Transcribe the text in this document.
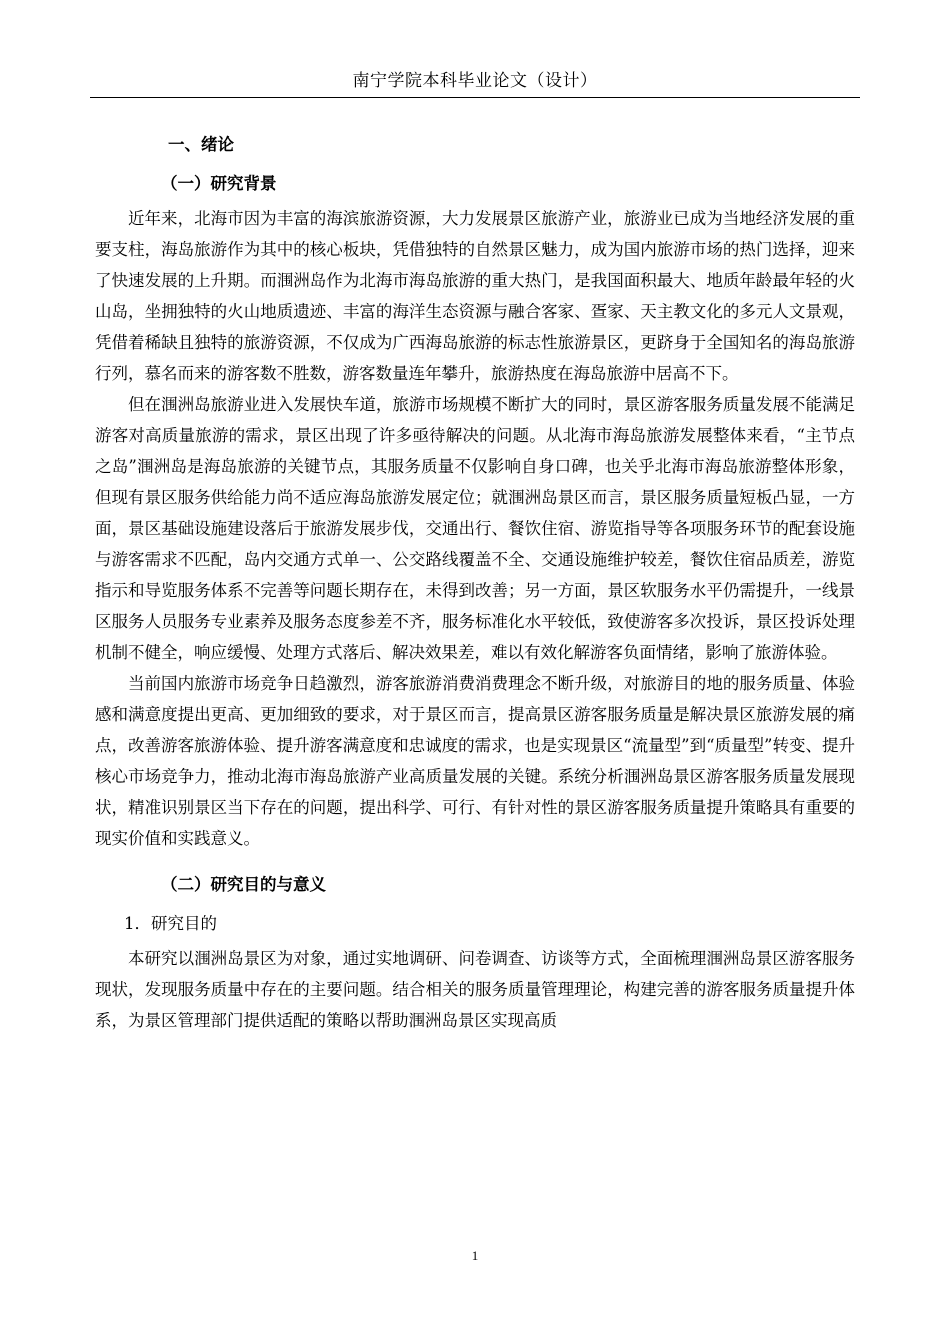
南宁学院本科毕业论文（设计）
一、绪论
（一）研究背景

近年来，北海市因为丰富的海滨旅游资源，大力发展景区旅游产业，旅游业已成为当地经济发展的重要支柱，海岛旅游作为其中的核心板块，凭借独特的自然景区魅力，成为国内旅游市场的热门选择，迎来了快速发展的上升期。而涠洲岛作为北海市海岛旅游的重大热门，是我国面积最大、地质年龄最年轻的火山岛，坐拥独特的火山地质遗迹、丰富的海洋生态资源与融合客家、疍家、天主教文化的多元人文景观，凭借着稀缺且独特的旅游资源，不仅成为广西海岛旅游的标志性旅游景区，更跻身于全国知名的海岛旅游行列，慕名而来的游客数不胜数，游客数量连年攀升，旅游热度在海岛旅游中居高不下。

但在涠洲岛旅游业进入发展快车道，旅游市场规模不断扩大的同时，景区游客服务质量发展不能满足游客对高质量旅游的需求，景区出现了许多亟待解决的问题。从北海市海岛旅游发展整体来看，“主节点之岛”涠洲岛是海岛旅游的关键节点，其服务质量不仅影响自身口碑，也关乎北海市海岛旅游整体形象，但现有景区服务供给能力尚不适应海岛旅游发展定位；就涠洲岛景区而言，景区服务质量短板凸显，一方面，景区基础设施建设落后于旅游发展步伐，交通出行、餐饮住宿、游览指导等各项服务环节的配套设施与游客需求不匹配，岛内交通方式单一、公交路线覆盖不全、交通设施维护较差，餐饮住宿品质差，游览指示和导览服务体系不完善等问题长期存在，未得到改善；另一方面，景区软服务水平仍需提升，一线景区服务人员服务专业素养及服务态度参差不齐，服务标准化水平较低，致使游客多次投诉，景区投诉处理机制不健全，响应缓慢、处理方式落后、解决效果差，难以有效化解游客负面情绪，影响了旅游体验。

当前国内旅游市场竞争日趋激烈，游客旅游消费消费理念不断升级，对旅游目的地的服务质量、体验感和满意度提出更高、更加细致的要求，对于景区而言，提高景区游客服务质量是解决景区旅游发展的痛点，改善游客旅游体验、提升游客满意度和忠诚度的需求，也是实现景区“流量型”到“质量型”转变、提升核心市场竞争力，推动北海市海岛旅游产业高质量发展的关键。系统分析涠洲岛景区游客服务质量发展现状，精准识别景区当下存在的问题，提出科学、可行、有针对性的景区游客服务质量提升策略具有重要的现实价值和实践意义。

（二）研究目的与意义
1．研究目的

本研究以涠洲岛景区为对象，通过实地调研、问卷调查、访谈等方式，全面梳理涠洲岛景区游客服务现状，发现服务质量中存在的主要问题。结合相关的服务质量管理理论，构建完善的游客服务质量提升体系，为景区管理部门提供适配的策略以帮助涠洲岛景区实现高质

1
